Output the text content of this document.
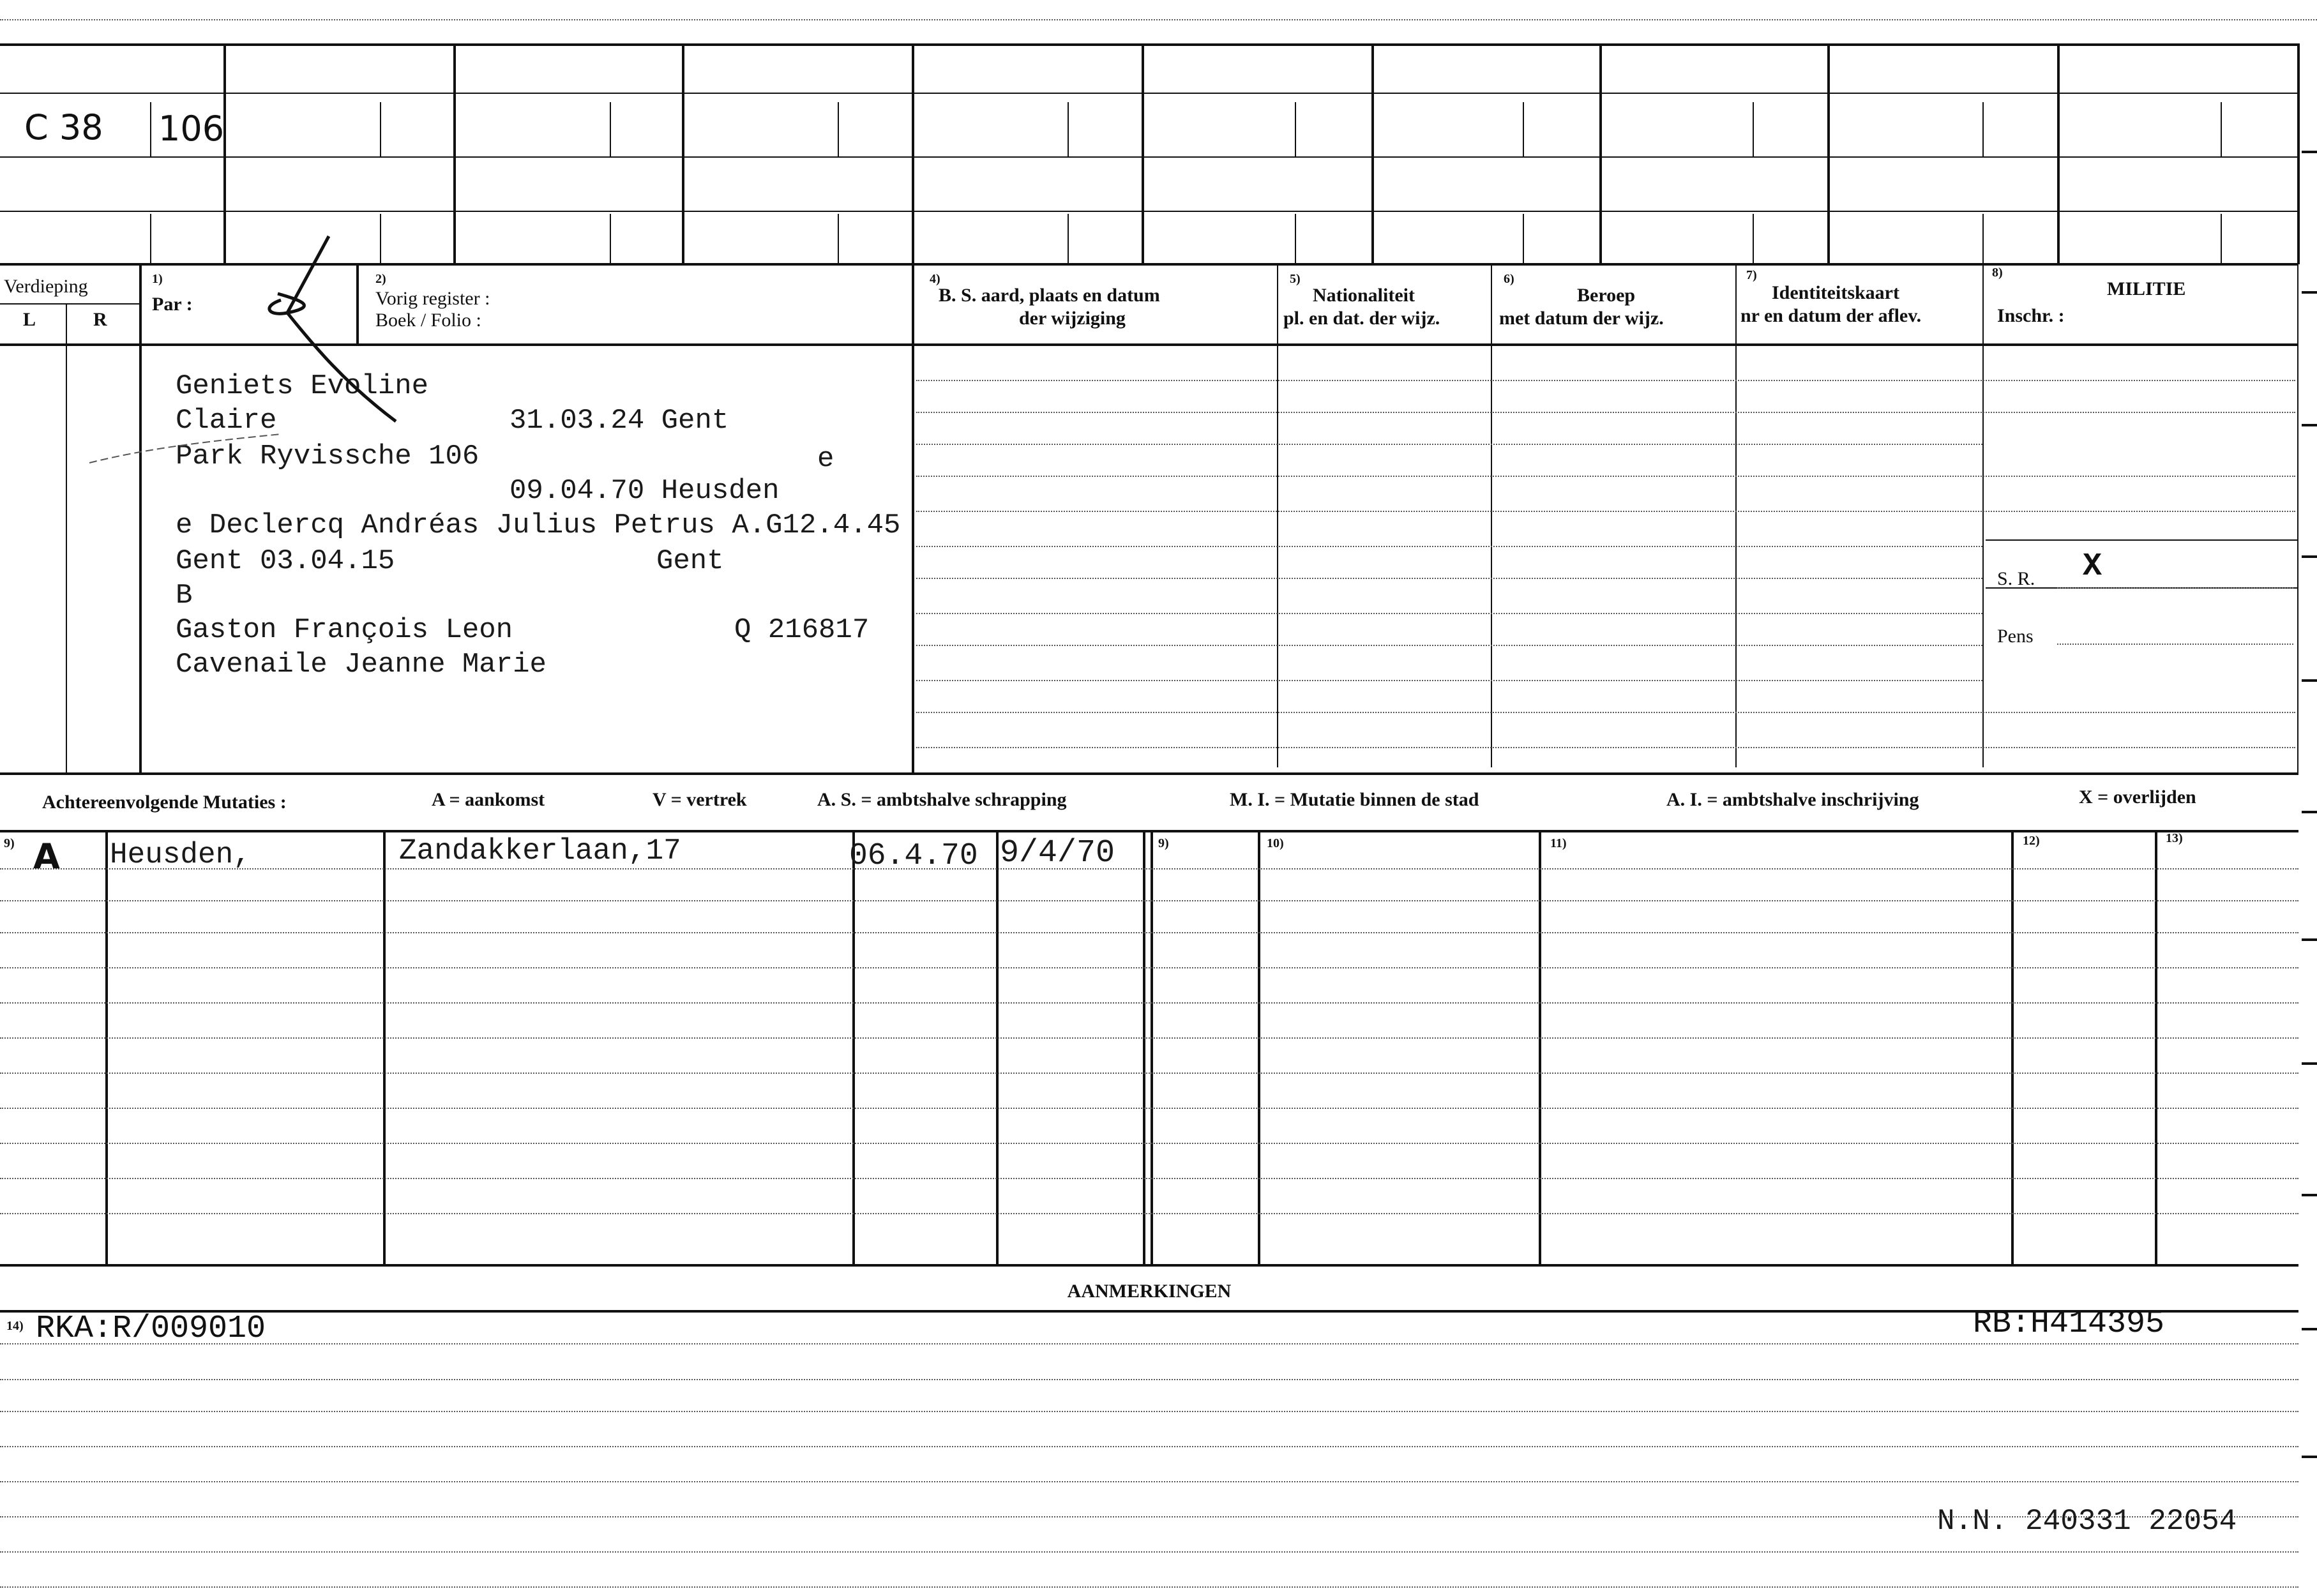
C 38 106
Verdieping
L	R
1)
Par :
2)
Vorig register :
Boek / Folio :
4)
B. S. aard, plaats en datum
der wijziging
5)
Nationaliteit
pl. en dat. der wijz.
6)
Beroep
met datum der wijz.
7)
Identiteitskaart
nr en datum der aflev.
8)
MILITIE
Inschr. :
Geniets Evoline
Claire	31.03.24 Gent
Park Ryvissche 106	e
09.04.70 Heusden
e Declercq Andréas Julius Petrus A.G12.4.45
Gent 03.04.15	Gent
B
Gaston François Leon	Q 216817
Cavenaile Jeanne Marie
S. R. X
Pens
Achtereenvolgende Mutaties :	A = aankomst	V = vertrek	A. S. = ambtshalve schrapping	M. I. = Mutatie binnen de stad	A. I. = ambtshalve inschrijving	X = overlijden
9)	9)	10)	11)	12)	13)
A Heusden,	Zandakkerlaan,17	06.4.70 9/4/70
AANMERKINGEN
14) RKA:R/009010	RB:H414395
N.N. 240331 22054
